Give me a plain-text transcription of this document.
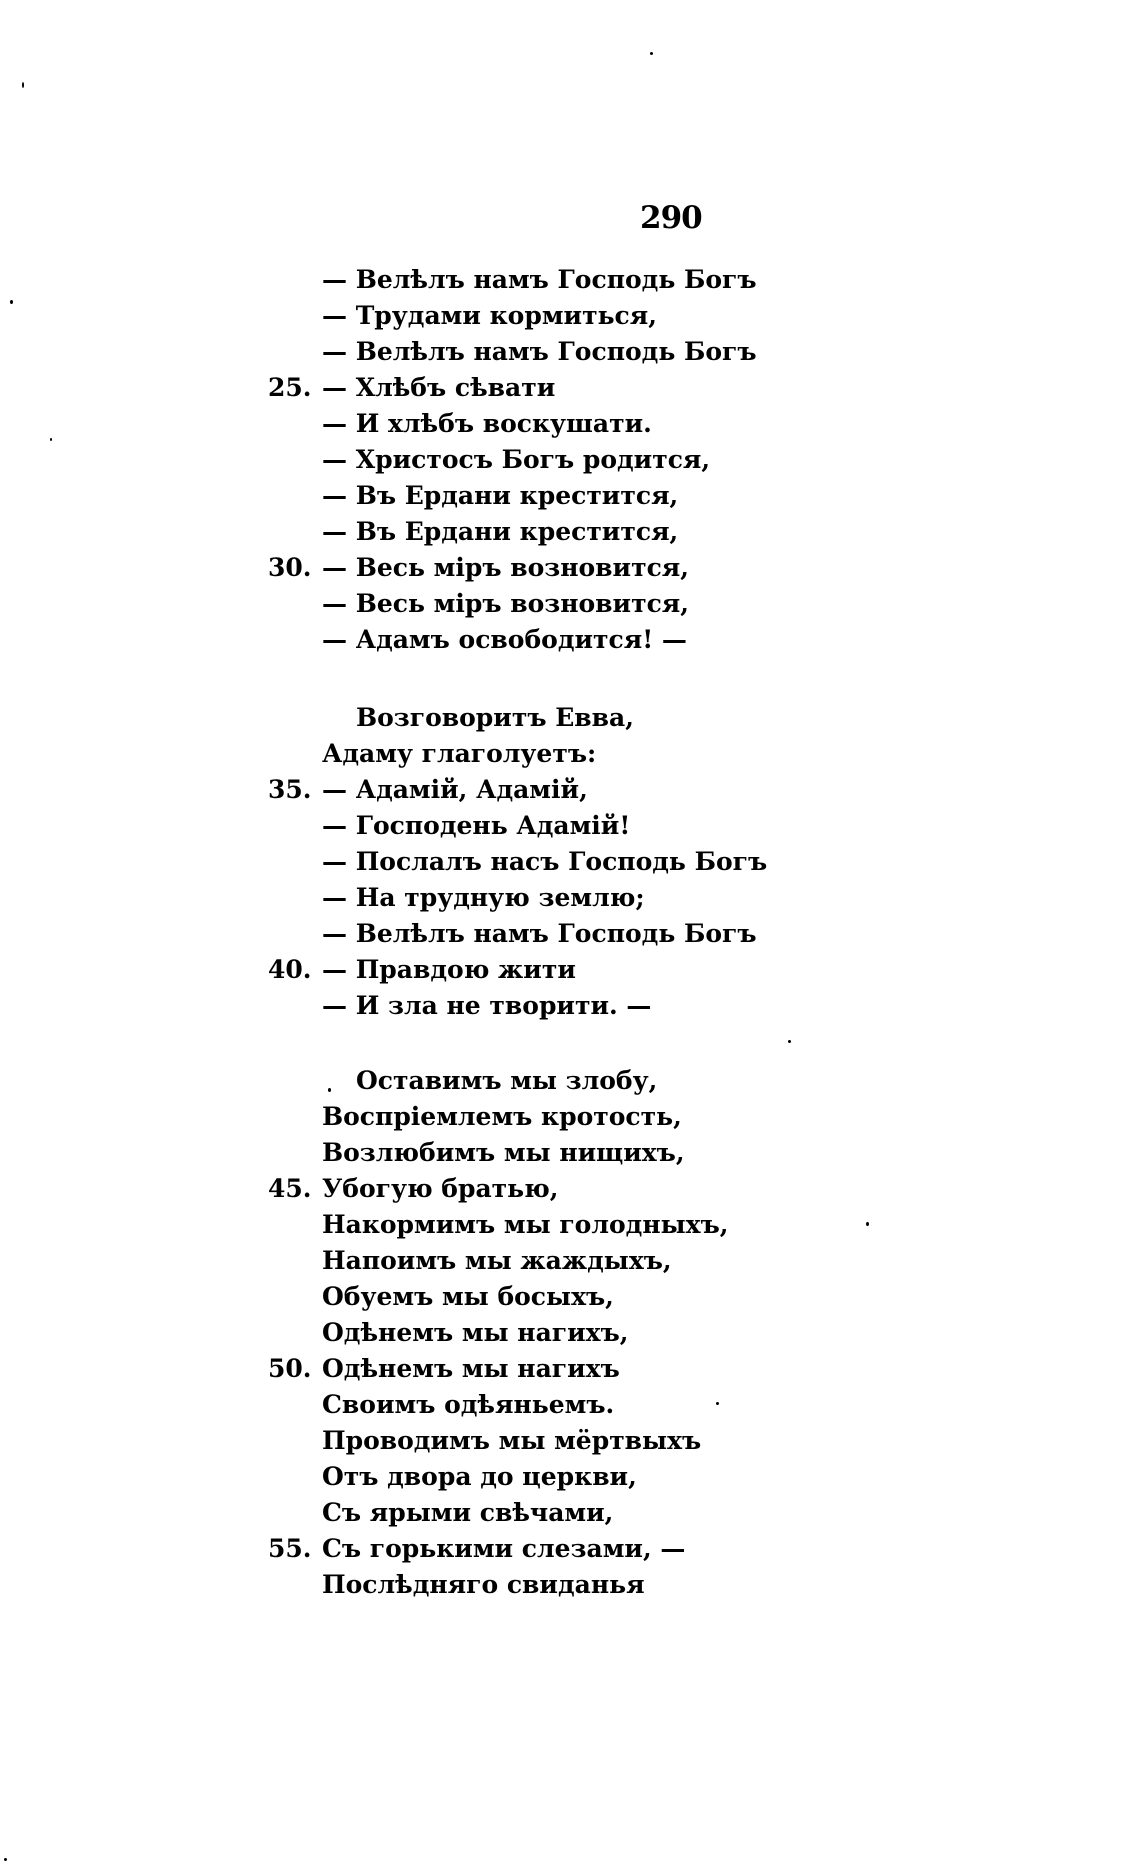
290
— Велѣлъ намъ Господь Богъ
— Трудами кормиться,
— Велѣлъ намъ Господь Богъ
25. — Хлѣбъ сѣвати
— И хлѣбъ воскушати.
— Христосъ Богъ родится,
— Въ Ердани крестится,
— Въ Ердани крестится,
30. — Весь міръ возновится,
— Весь міръ возновится,
— Адамъ освободится! —
Возговоритъ Евва,
Адаму глаголуетъ:
35. — Адамій, Адамій,
— Господень Адамій!
— Послалъ насъ Господь Богъ
— На трудную землю;
— Велѣлъ намъ Господь Богъ
40. — Правдою жити
— И зла не творити. —
Оставимъ мы злобу,
Воспріемлемъ кротость,
Возлюбимъ мы нищихъ,
45. Убогую братью,
Накормимъ мы голодныхъ,
Напоимъ мы жаждыхъ,
Обуемъ мы босыхъ,
Одѣнемъ мы нагихъ,
50. Одѣнемъ мы нагихъ
Своимъ одѣяньемъ.
Проводимъ мы мёртвыхъ
Отъ двора до церкви,
Съ ярыми свѣчами,
55. Съ горькими слезами, —
Послѣдняго свиданья
